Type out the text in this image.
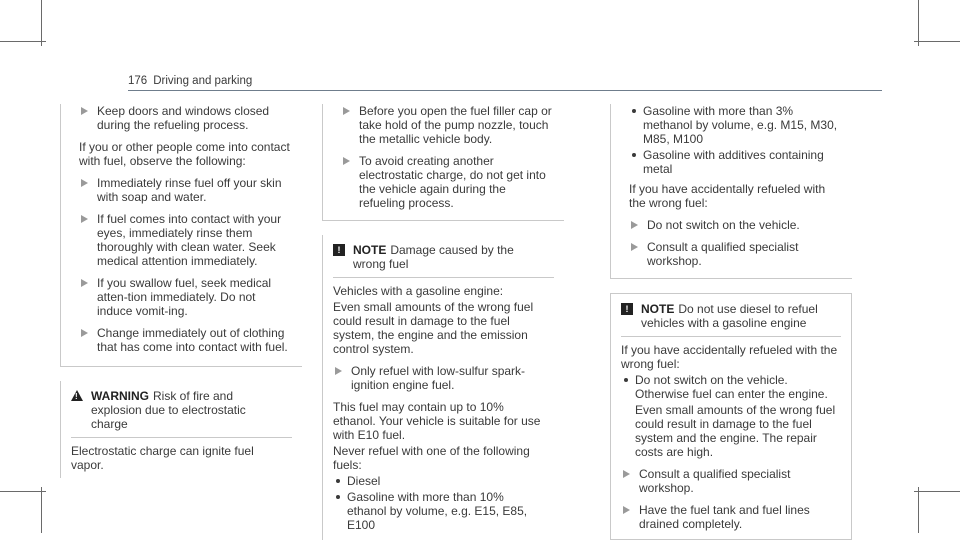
176 Driving and parking
Keep doors and windows closed during the refueling process.
If you or other people come into contact with fuel, observe the following:
Immediately rinse fuel off your skin with soap and water.
If fuel comes into contact with your eyes, immediately rinse them thoroughly with clean water. Seek medical attention immediately.
If you swallow fuel, seek medical atten-tion immediately. Do not induce vomit-ing.
Change immediately out of clothing that has come into contact with fuel.
! WARNING Risk of fire and explosion due to electrostatic charge
Electrostatic charge can ignite fuel vapor.
Before you open the fuel filler cap or take hold of the pump nozzle, touch the metallic vehicle body.
To avoid creating another electrostatic charge, do not get into the vehicle again during the refueling process.
!	NOTE Damage caused by the wrong fuel
Vehicles with a gasoline engine:
Even small amounts of the wrong fuel could result in damage to the fuel system, the engine and the emission control system.
Only refuel with low-sulfur spark-ignition engine fuel.
This fuel may contain up to 10% ethanol. Your vehicle is suitable for use with E10 fuel.
Never refuel with one of the following fuels:
Diesel
Gasoline with more than 10% ethanol by volume, e.g. E15, E85, E100
Gasoline with more than 3% methanol by volume, e.g. M15, M30, M85, M100
Gasoline with additives containing metal
If you have accidentally refueled with the wrong fuel:
Do not switch on the vehicle.
Consult a qualified specialist workshop.
!	NOTE Do not use diesel to refuel vehicles with a gasoline engine
If you have accidentally refueled with the wrong fuel:
Do not switch on the vehicle. Otherwise fuel can enter the engine.
Even small amounts of the wrong fuel could result in damage to the fuel system and the engine. The repair costs are high.
Consult a qualified specialist workshop.
Have the fuel tank and fuel lines drained completely.
